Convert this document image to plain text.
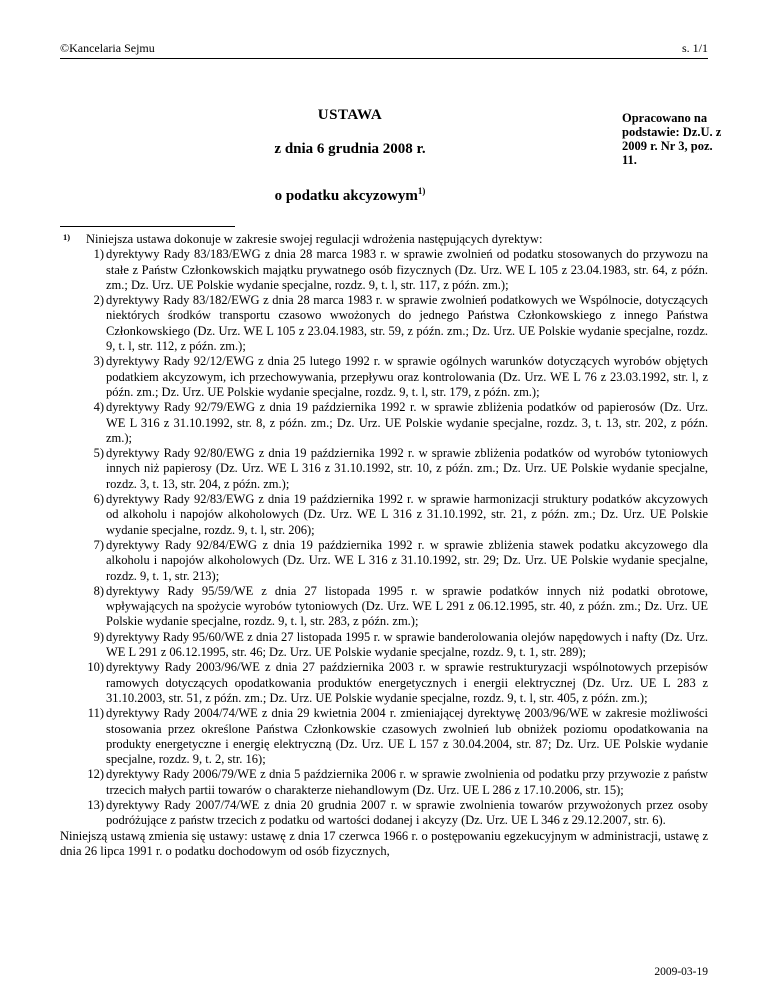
©Kancelaria Sejmu	s. 1/1
USTAWA
z dnia 6 grudnia 2008 r.
o podatku akcyzowym$^{1)}$
Opracowano na podstawie: Dz.U. z 2009 r. Nr 3, poz. 11.
1) Niniejsza ustawa dokonuje w zakresie swojej regulacji wdrożenia następujących dyrektyw:
1) dyrektywy Rady 83/183/EWG z dnia 28 marca 1983 r. w sprawie zwolnień od podatku stosowanych do przywozu na stałe z Państw Członkowskich majątku prywatnego osób fizycznych (Dz. Urz. WE L 105 z 23.04.1983, str. 64, z późn. zm.; Dz. Urz. UE Polskie wydanie specjalne, rozdz. 9, t. l, str. 117, z późn. zm.);
2) dyrektywy Rady 83/182/EWG z dnia 28 marca 1983 r. w sprawie zwolnień podatkowych we Wspólnocie, dotyczących niektórych środków transportu czasowo wwożonych do jednego Państwa Członkowskiego z innego Państwa Członkowskiego (Dz. Urz. WE L 105 z 23.04.1983, str. 59, z późn. zm.; Dz. Urz. UE Polskie wydanie specjalne, rozdz. 9, t. l, str. 112, z późn. zm.);
3) dyrektywy Rady 92/12/EWG z dnia 25 lutego 1992 r. w sprawie ogólnych warunków dotyczących wyrobów objętych podatkiem akcyzowym, ich przechowywania, przepływu oraz kontrolowania (Dz. Urz. WE L 76 z 23.03.1992, str. l, z późn. zm.; Dz. Urz. UE Polskie wydanie specjalne, rozdz. 9, t. l, str. 179, z późn. zm.);
4) dyrektywy Rady 92/79/EWG z dnia 19 października 1992 r. w sprawie zbliżenia podatków od papierosów (Dz. Urz. WE L 316 z 31.10.1992, str. 8, z późn. zm.; Dz. Urz. UE Polskie wydanie specjalne, rozdz. 3, t. 13, str. 202, z późn. zm.);
5) dyrektywy Rady 92/80/EWG z dnia 19 października 1992 r. w sprawie zbliżenia podatków od wyrobów tytoniowych innych niż papierosy (Dz. Urz. WE L 316 z 31.10.1992, str. 10, z późn. zm.; Dz. Urz. UE Polskie wydanie specjalne, rozdz. 3, t. 13, str. 204, z późn. zm.);
6) dyrektywy Rady 92/83/EWG z dnia 19 października 1992 r. w sprawie harmonizacji struktury podatków akcyzowych od alkoholu i napojów alkoholowych (Dz. Urz. WE L 316 z 31.10.1992, str. 21, z późn. zm.; Dz. Urz. UE Polskie wydanie specjalne, rozdz. 9, t. l, str. 206);
7) dyrektywy Rady 92/84/EWG z dnia 19 października 1992 r. w sprawie zbliżenia stawek podatku akcyzowego dla alkoholu i napojów alkoholowych (Dz. Urz. WE L 316 z 31.10.1992, str. 29; Dz. Urz. UE Polskie wydanie specjalne, rozdz. 9, t. 1, str. 213);
8) dyrektywy Rady 95/59/WE z dnia 27 listopada 1995 r. w sprawie podatków innych niż podatki obrotowe, wpływających na spożycie wyrobów tytoniowych (Dz. Urz. WE L 291 z 06.12.1995, str. 40, z późn. zm.; Dz. Urz. UE Polskie wydanie specjalne, rozdz. 9, t. l, str. 283, z późn. zm.);
9) dyrektywy Rady 95/60/WE z dnia 27 listopada 1995 r. w sprawie banderolowania olejów napędowych i nafty (Dz. Urz. WE L 291 z 06.12.1995, str. 46; Dz. Urz. UE Polskie wydanie specjalne, rozdz. 9, t. 1, str. 289);
10) dyrektywy Rady 2003/96/WE z dnia 27 października 2003 r. w sprawie restrukturyzacji wspólnotowych przepisów ramowych dotyczących opodatkowania produktów energetycznych i energii elektrycznej (Dz. Urz. UE L 283 z 31.10.2003, str. 51, z późn. zm.; Dz. Urz. UE Polskie wydanie specjalne, rozdz. 9, t. l, str. 405, z późn. zm.);
11) dyrektywy Rady 2004/74/WE z dnia 29 kwietnia 2004 r. zmieniającej dyrektywę 2003/96/WE w zakresie możliwości stosowania przez określone Państwa Członkowskie czasowych zwolnień lub obniżek poziomu opodatkowania na produkty energetyczne i energię elektryczną (Dz. Urz. UE L 157 z 30.04.2004, str. 87; Dz. Urz. UE Polskie wydanie specjalne, rozdz. 9, t. 2, str. 16);
12) dyrektywy Rady 2006/79/WE z dnia 5 października 2006 r. w sprawie zwolnienia od podatku przy przywozie z państw trzecich małych partii towarów o charakterze niehandlowym (Dz. Urz. UE L 286 z 17.10.2006, str. 15);
13) dyrektywy Rady 2007/74/WE z dnia 20 grudnia 2007 r. w sprawie zwolnienia towarów przywożonych przez osoby podróżujące z państw trzecich z podatku od wartości dodanej i akcyzy (Dz. Urz. UE L 346 z 29.12.2007, str. 6).

Niniejszą ustawą zmienia się ustawy: ustawę z dnia 17 czerwca 1966 r. o postępowaniu egzekucyjnym w administracji, ustawę z dnia 26 lipca 1991 r. o podatku dochodowym od osób fizycznych,

2009-03-19
